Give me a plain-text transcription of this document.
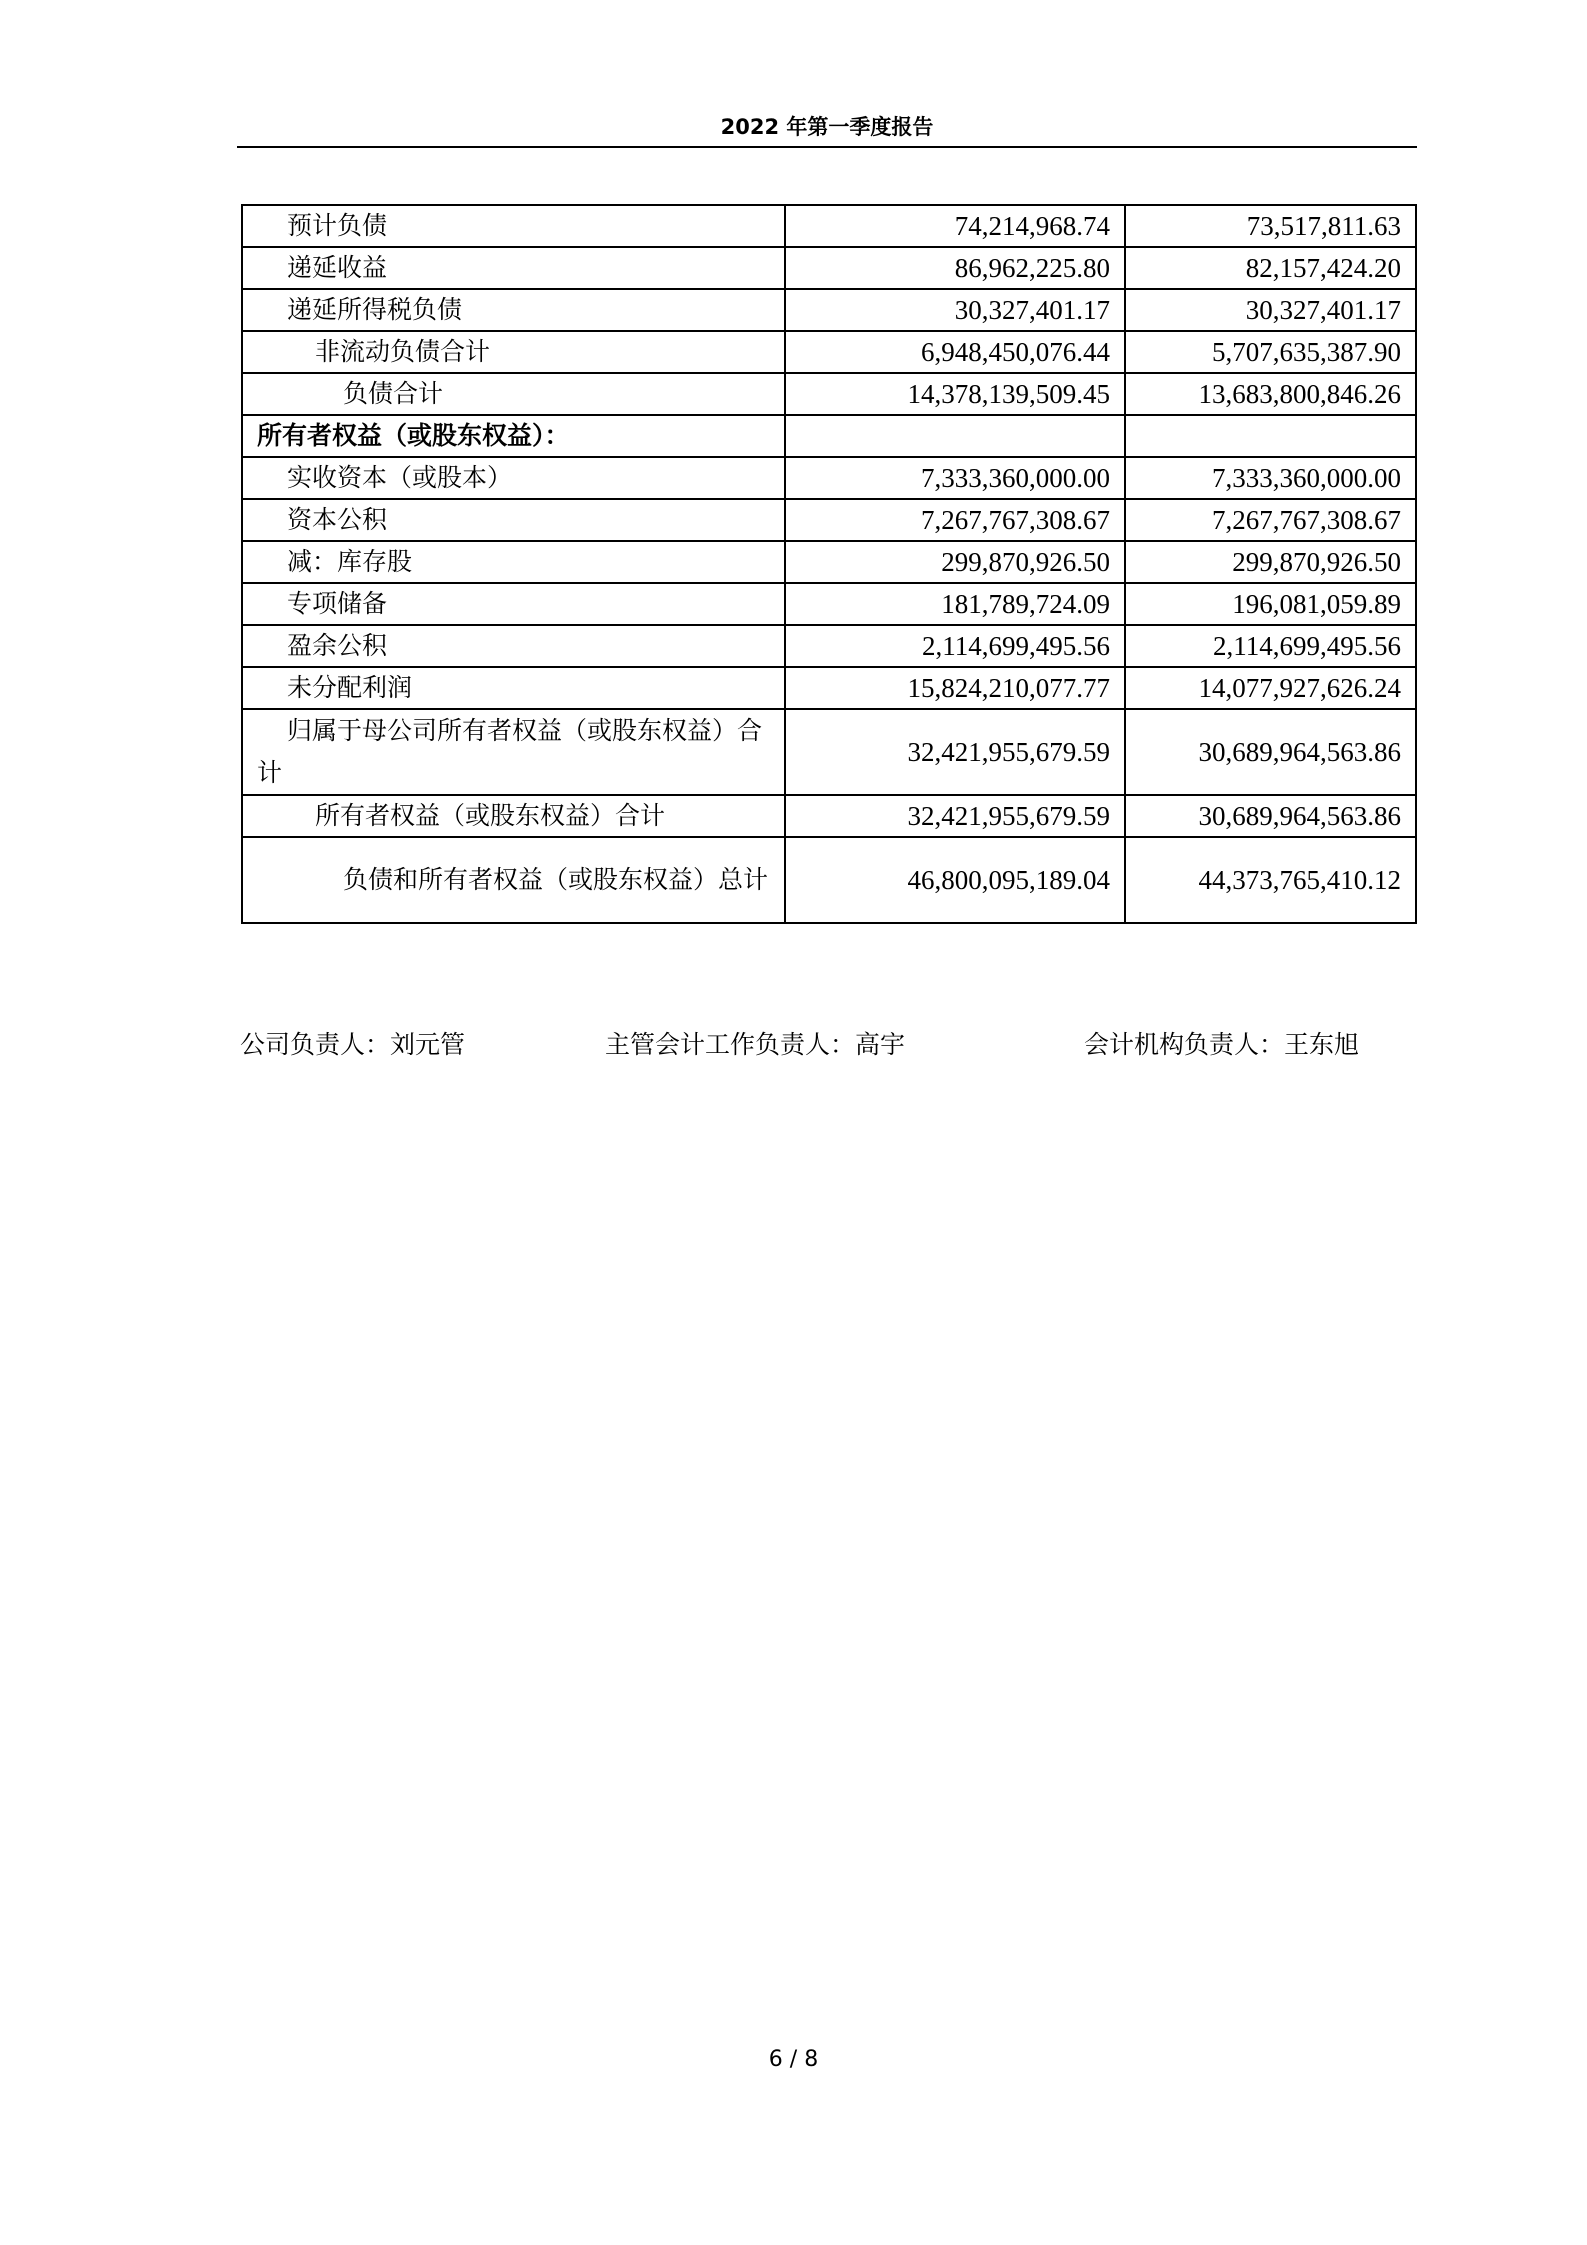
2022 年第一季度报告
预计负债	74,214,968.74	73,517,811.63
递延收益	86,962,225.80	82,157,424.20
递延所得税负债	30,327,401.17	30,327,401.17
非流动负债合计	6,948,450,076.44	5,707,635,387.90
负债合计	14,378,139,509.45	13,683,800,846.26
所有者权益（或股东权益）：		
实收资本（或股本）	7,333,360,000.00	7,333,360,000.00
资本公积	7,267,767,308.67	7,267,767,308.67
减：库存股	299,870,926.50	299,870,926.50
专项储备	181,789,724.09	196,081,059.89
盈余公积	2,114,699,495.56	2,114,699,495.56
未分配利润	15,824,210,077.77	14,077,927,626.24
归属于母公司所有者权益（或股东权益）合计	32,421,955,679.59	30,689,964,563.86
所有者权益（或股东权益）合计	32,421,955,679.59	30,689,964,563.86
负债和所有者权益（或股东权益）总计	46,800,095,189.04	44,373,765,410.12
公司负责人：刘元管	主管会计工作负责人：高宇	会计机构负责人：王东旭
6 / 8
